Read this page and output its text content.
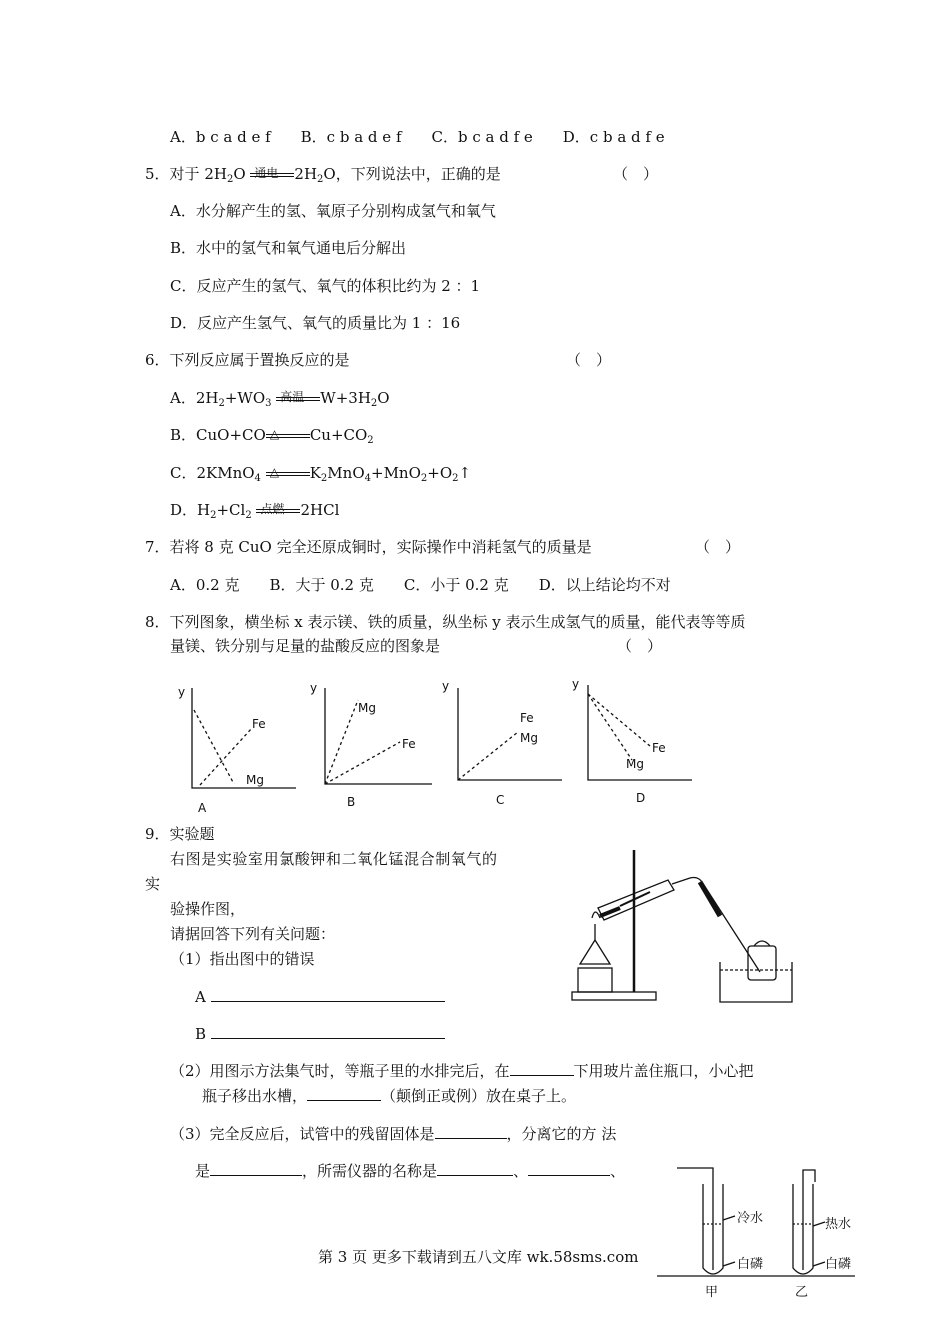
A．b c a d e f　　B．c b a d e f　　C．b c a d f e　　D．c b a d f e
5．对于 $2H_2O$ 通电 $2H_2O$，下列说法中，正确的是	（　）
A．水分解产生的氢、氧原子分别构成氢气和氧气
B．水中的氢气和氧气通电后分解出
C．反应产生的氢气、氧气的体积比约为 2 ：1
D．反应产生氢气、氧气的质量比为 1 ：16
6．下列反应属于置换反应的是	（　）
A．$2H_2+WO_3$ 高温 $W+3H_2O$
B．CuO+CO △ $Cu+CO_2$
C．2KMnO$_4$ △ $K_2MnO_4+MnO_2+O_2↑$
D．$H_2+Cl_2$ 点燃 2HCl
7．若将 8 克 CuO 完全还原成铜时，实际操作中消耗氢气的质量是	（　）
A．0.2 克　　B．大于 0.2 克　　C．小于 0.2 克　　D．以上结论均不对
8．下列图象，横坐标 x 表示镁、铁的质量，纵坐标 y 表示生成氢气的质量，能代表等等质
量镁、铁分别与足量的盐酸反应的图象是	（　）
y
Fe
Mg
A
y
Mg
Fe
B
y
Fe
Mg
C
y
Fe
Mg
D
9．实验题
右图是实验室用氯酸钾和二氧化锰混合制氧气的
实
验操作图，
请据回答下列有关问题：
（1）指出图中的错误
A
B
（2）用图示方法集气时，等瓶子里的水排完后，在	下用玻片盖住瓶口，小心把
瓶子移出水槽，	（颠倒正或例）放在桌子上。
（3）完全反应后，试管中的残留固体是	，分离它的方 法
是	，所需仪器的名称是	、	、
冷水	热水
白磷	白磷
甲	乙
第 3 页 更多下载请到五八文库 wk.58sms.com
